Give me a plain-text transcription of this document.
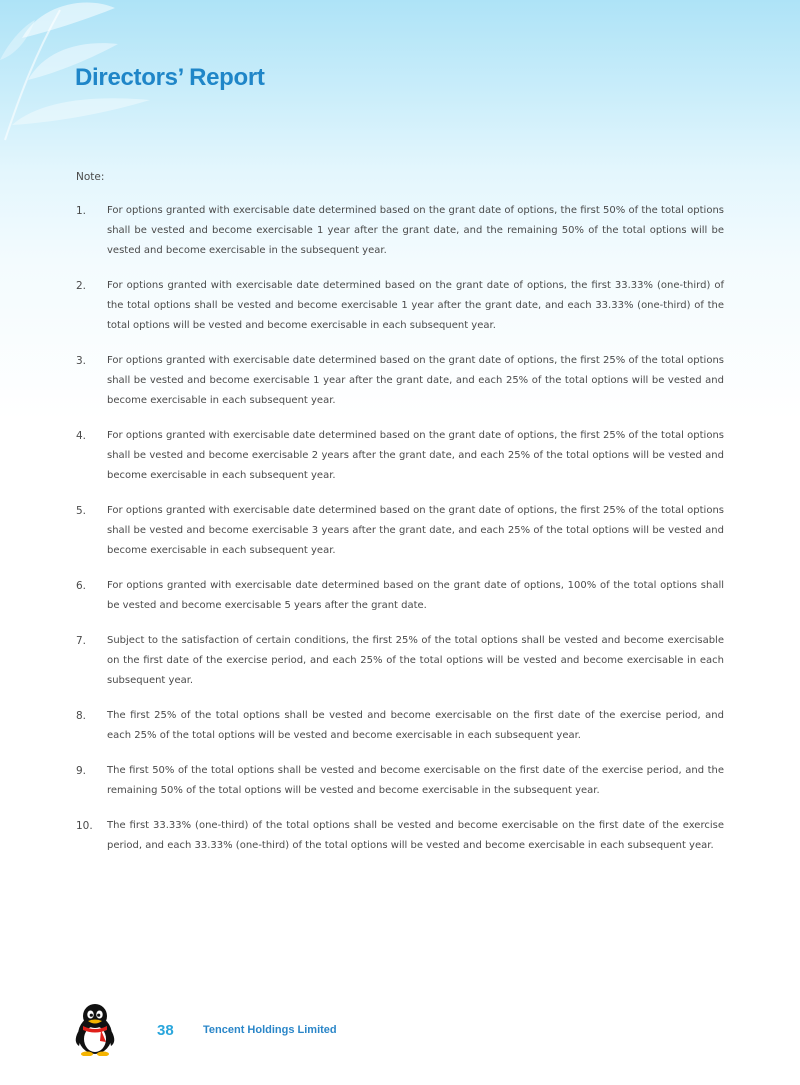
Directors’ Report
Note:
1.	For options granted with exercisable date determined based on the grant date of options, the first 50% of the total options shall be vested and become exercisable 1 year after the grant date, and the remaining 50% of the total options will be vested and become exercisable in the subsequent year.
2.	For options granted with exercisable date determined based on the grant date of options, the first 33.33% (one-third) of the total options shall be vested and become exercisable 1 year after the grant date, and each 33.33% (one-third) of the total options will be vested and become exercisable in each subsequent year.
3.	For options granted with exercisable date determined based on the grant date of options, the first 25% of the total options shall be vested and become exercisable 1 year after the grant date, and each 25% of the total options will be vested and become exercisable in each subsequent year.
4.	For options granted with exercisable date determined based on the grant date of options, the first 25% of the total options shall be vested and become exercisable 2 years after the grant date, and each 25% of the total options will be vested and become exercisable in each subsequent year.
5.	For options granted with exercisable date determined based on the grant date of options, the first 25% of the total options shall be vested and become exercisable 3 years after the grant date, and each 25% of the total options will be vested and become exercisable in each subsequent year.
6.	For options granted with exercisable date determined based on the grant date of options, 100% of the total options shall be vested and become exercisable 5 years after the grant date.
7.	Subject to the satisfaction of certain conditions, the first 25% of the total options shall be vested and become exercisable on the first date of the exercise period, and each 25% of the total options will be vested and become exercisable in each subsequent year.
8.	The first 25% of the total options shall be vested and become exercisable on the first date of the exercise period, and each 25% of the total options will be vested and become exercisable in each subsequent year.
9.	The first 50% of the total options shall be vested and become exercisable on the first date of the exercise period, and the remaining 50% of the total options will be vested and become exercisable in the subsequent year.
10.	The first 33.33% (one-third) of the total options shall be vested and become exercisable on the first date of the exercise period, and each 33.33% (one-third) of the total options will be vested and become exercisable in each subsequent year.
38	Tencent Holdings Limited
